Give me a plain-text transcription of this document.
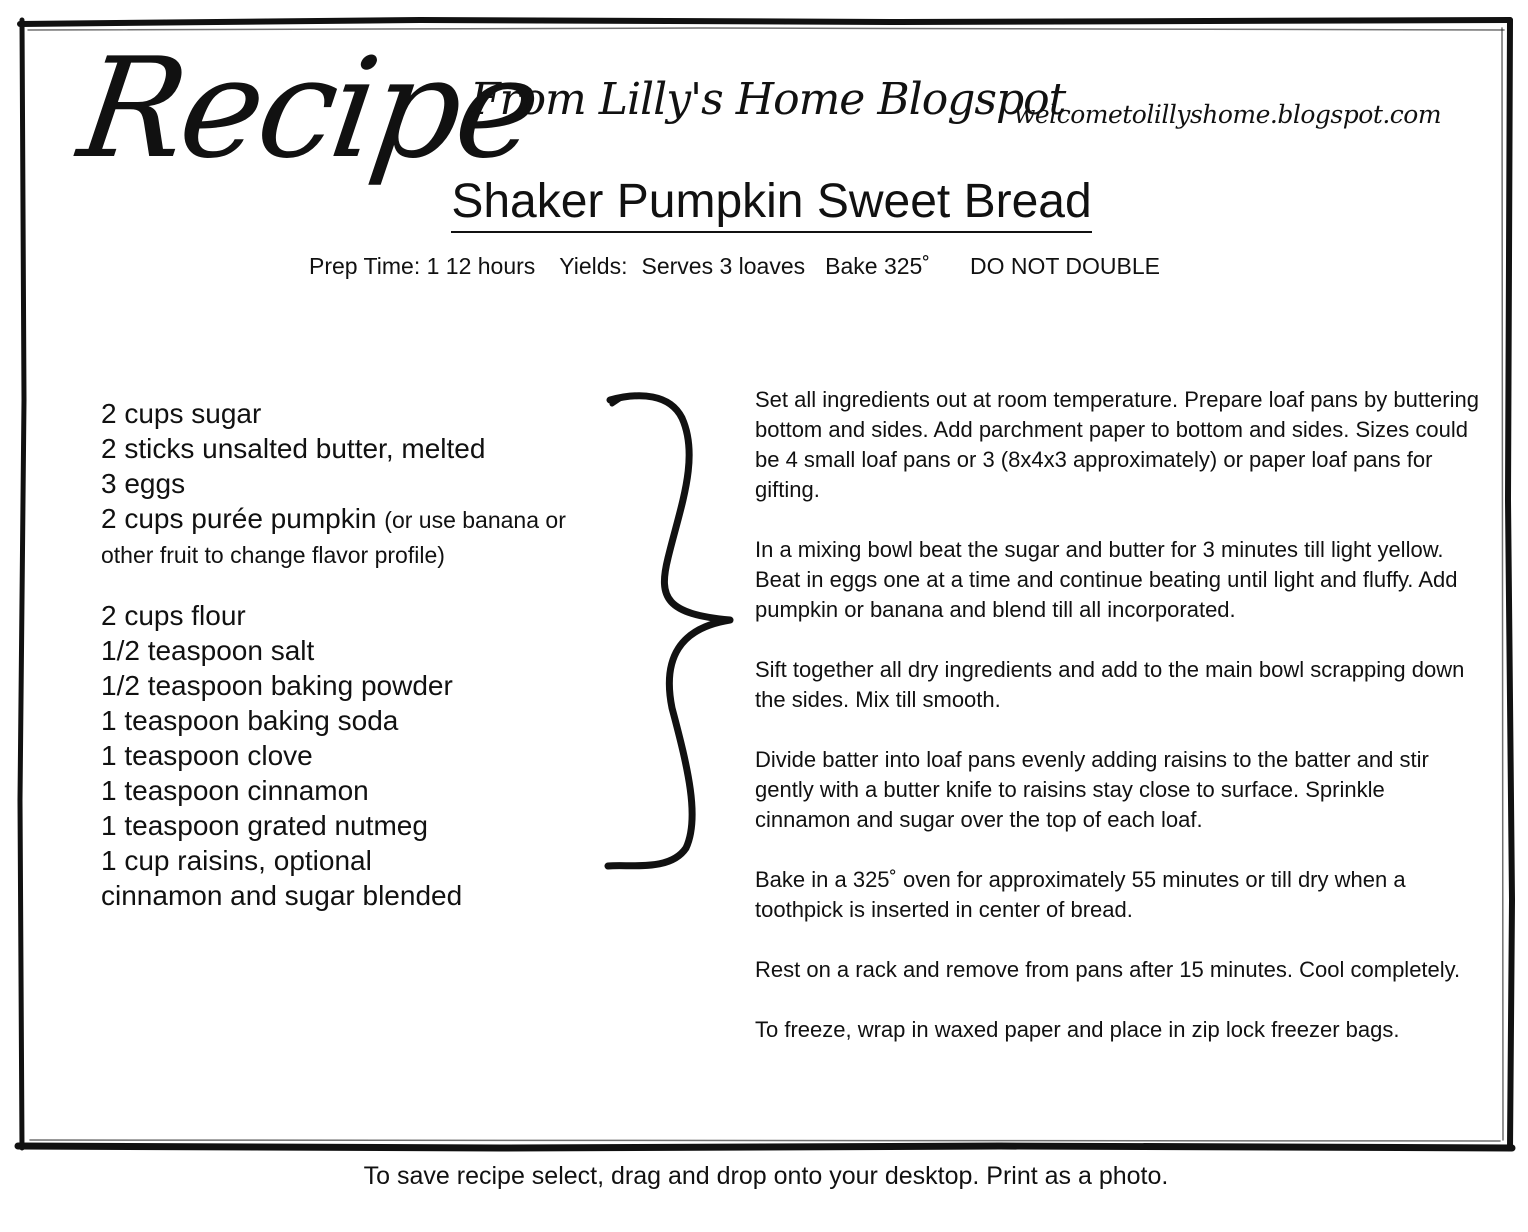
Recipe
From Lilly's Home Blogspot
welcometolillyshome.blogspot.com
Shaker Pumpkin Sweet Bread
Prep Time: 1 12 hours Yields: Serves 3 loaves Bake 325˚ DO NOT DOUBLE
2 cups sugar
2 sticks unsalted butter, melted
3 eggs
2 cups purée pumpkin (or use banana or other fruit to change flavor profile)
2 cups flour
1/2 teaspoon salt
1/2 teaspoon baking powder
1 teaspoon baking soda
1 teaspoon clove
1 teaspoon cinnamon
1 teaspoon grated nutmeg
1 cup raisins, optional
cinnamon and sugar blended

Set all ingredients out at room temperature. Prepare loaf pans by buttering bottom and sides. Add parchment paper to bottom and sides. Sizes could be 4 small loaf pans or 3 (8x4x3 approximately) or paper loaf pans for gifting.

In a mixing bowl beat the sugar and butter for 3 minutes till light yellow. Beat in eggs one at a time and continue beating until light and fluffy. Add pumpkin or banana and blend till all incorporated.

Sift together all dry ingredients and add to the main bowl scrapping down the sides. Mix till smooth.

Divide batter into loaf pans evenly adding raisins to the batter and stir gently with a butter knife to raisins stay close to surface. Sprinkle cinnamon and sugar over the top of each loaf.

Bake in a 325˚ oven for approximately 55 minutes or till dry when a toothpick is inserted in center of bread.

Rest on a rack and remove from pans after 15 minutes. Cool completely.

To freeze, wrap in waxed paper and place in zip lock freezer bags.

To save recipe select, drag and drop onto your desktop. Print as a photo.
